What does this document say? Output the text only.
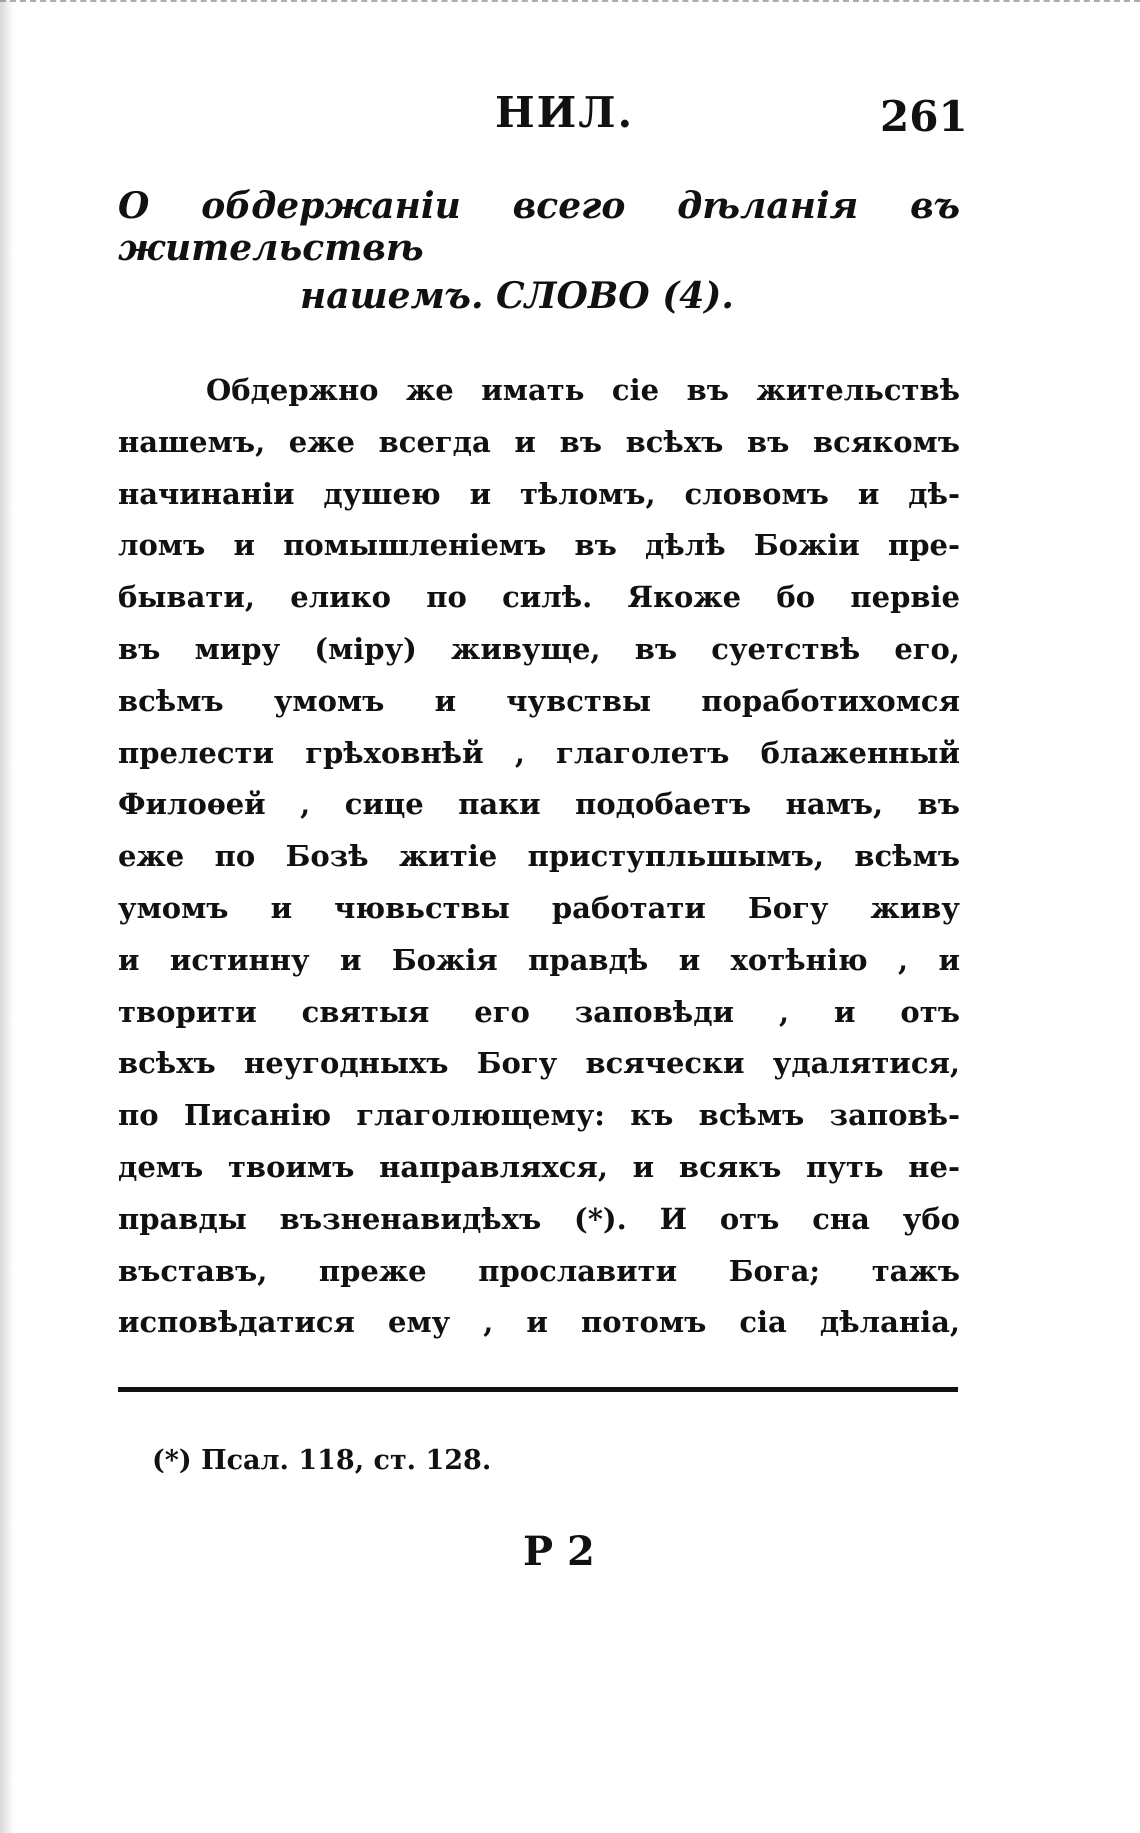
НИЛ.	261
О обдержаніи всего дѣланія въ жительствѣ
нашемъ. СЛОВО (4).
Обдержно же имать сіе въ жительствѣ
нашемъ, еже всегда и въ всѣхъ въ всякомъ
начинаніи душею и тѣломъ, словомъ и дѣ-
ломъ и помышленіемъ въ дѣлѣ Божіи пре-
бывати, елико по силѣ. Якоже бо первіе
въ миру (міру) живуще, въ суетствѣ его,
всѣмъ умомъ и чувствы поработихомся
прелести грѣховнѣй , глаголетъ блаженный
Филоѳей , сице паки подобаетъ намъ, въ
еже по Бозѣ житіе приступльшымъ, всѣмъ
умомъ и чювьствы работати Богу живу
и истинну и Божія правдѣ и хотѣнію , и
творити святыя его заповѣди , и отъ
всѣхъ неугодныхъ Богу всячески удалятися,
по Писанію глаголющему: къ всѣмъ заповѣ-
демъ твоимъ направляхся, и всякъ путь не-
правды възненавидѣхъ (*). И отъ сна убо
въставъ, преже прославити Бога; тажъ
исповѣдатися ему , и потомъ сіа дѣланіа,
(*) Псал. 118, ст. 128.
Р 2
